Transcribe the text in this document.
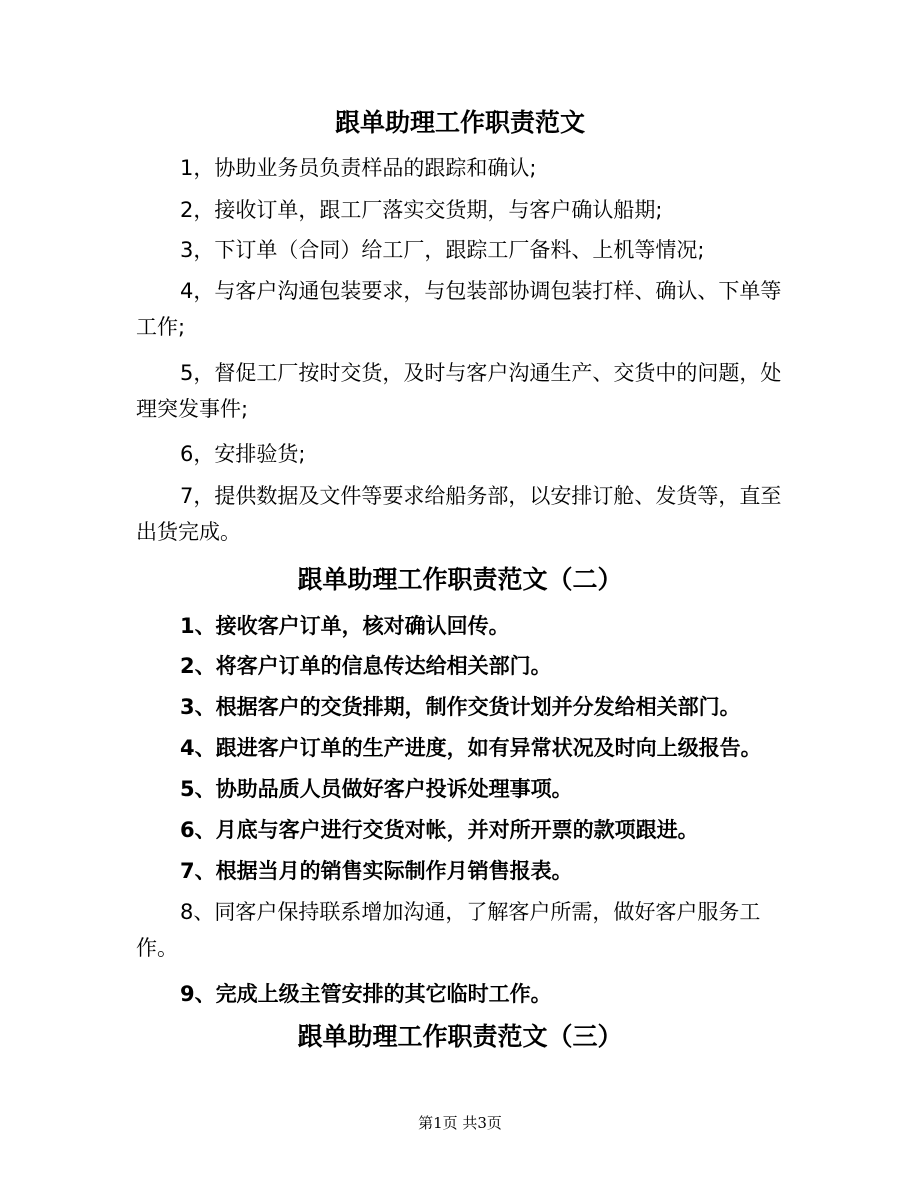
跟单助理工作职责范文
1，协助业务员负责样品的跟踪和确认;
2，接收订单，跟工厂落实交货期，与客户确认船期;
3，下订单（合同）给工厂，跟踪工厂备料、上机等情况;
4，与客户沟通包装要求，与包装部协调包装打样、确认、下单等工作;
5，督促工厂按时交货，及时与客户沟通生产、交货中的问题，处理突发事件;
6，安排验货;
7，提供数据及文件等要求给船务部，以安排订舱、发货等，直至出货完成。
跟单助理工作职责范文（二）
1、接收客户订单，核对确认回传。
2、将客户订单的信息传达给相关部门。
3、根据客户的交货排期，制作交货计划并分发给相关部门。
4、跟进客户订单的生产进度，如有异常状况及时向上级报告。
5、协助品质人员做好客户投诉处理事项。
6、月底与客户进行交货对帐，并对所开票的款项跟进。
7、根据当月的销售实际制作月销售报表。
8、同客户保持联系增加沟通，了解客户所需，做好客户服务工作。
9、完成上级主管安排的其它临时工作。
跟单助理工作职责范文（三）
第1页 共3页
